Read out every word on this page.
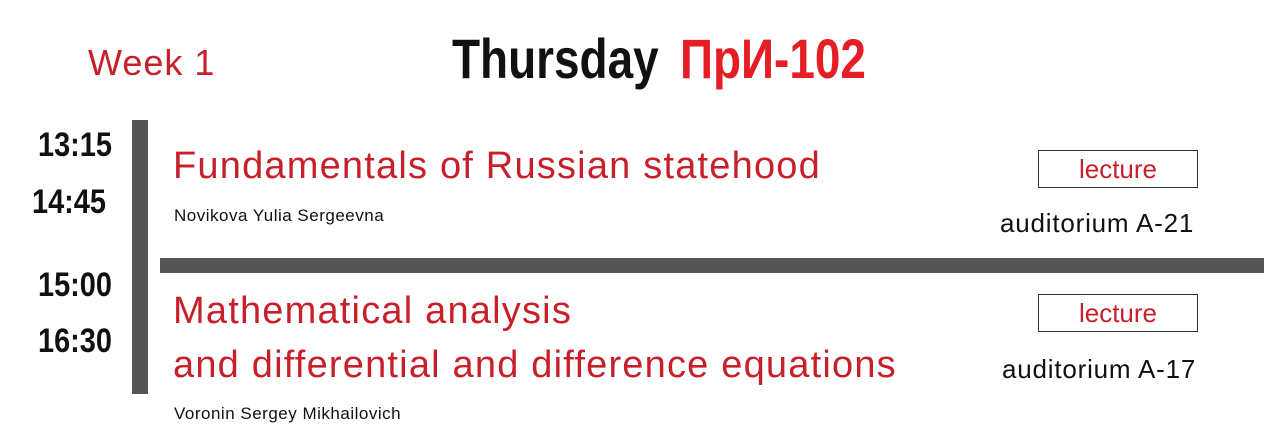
Week 1	Thursday ПрИ-102
13:15
14:45
Fundamentals of Russian statehood
Novikova Yulia Sergeevna
lecture
auditorium A-21
15:00
16:30
Mathematical analysis
and differential and difference equations
Voronin Sergey Mikhailovich
lecture
auditorium A-17
